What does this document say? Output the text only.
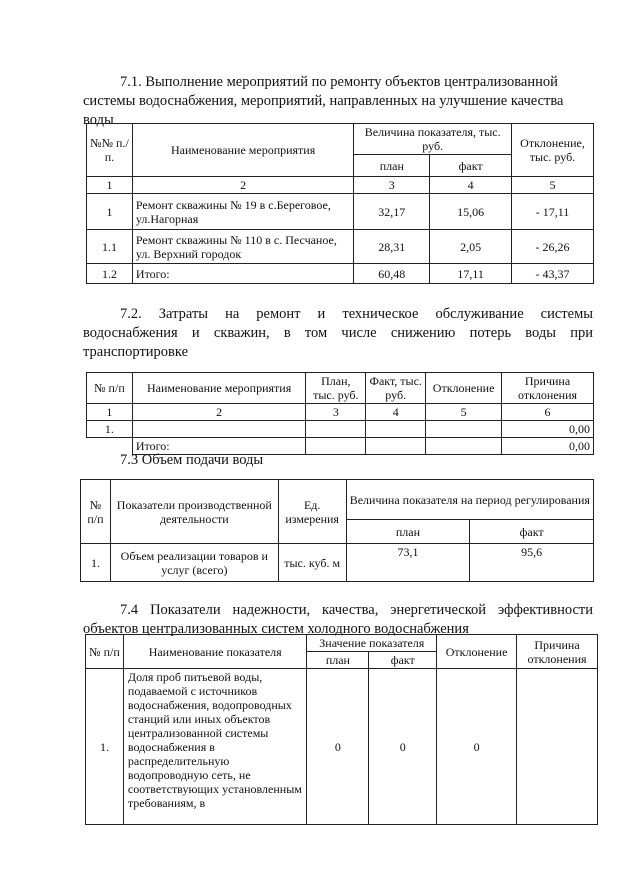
7.1. Выполнение мероприятий по ремонту объектов централизованной системы водоснабжения, мероприятий, направленных на улучшение качества воды
№№ п./п.	Наименование мероприятия	Величина показателя, тыс. руб.		Отклонение, тыс. руб.
		план	факт	
1	2	3	4	5
1	Ремонт скважины № 19 в с.Береговое, ул.Нагорная	32,17	15,06	- 17,11
1.1	Ремонт скважины № 110 в с. Песчаное, ул. Верхний городок	28,31	2,05	- 26,26
1.2	Итого:	60,48	17,11	- 43,37
7.2. Затраты на ремонт и техническое обслуживание системы водоснабжения и скважин, в том числе снижению потерь воды при транспортировке
№ п/п	Наименование мероприятия	План, тыс. руб.	Факт, тыс. руб.	Отклонение	Причина отклонения
1	2	3	4	5	6
1.					0,00
	Итого:				0,00
7.3 Объем подачи воды
№ п/п	Показатели производственной деятельности	Ед. измерения	Величина показателя на период регулирования	
			план	факт
1.	Объем реализации товаров и услуг (всего)	тыс. куб. м	73,1	95,6
7.4 Показатели надежности, качества, энергетической эффективности объектов централизованных систем холодного водоснабжения
№ п/п	Наименование показателя	Значение показателя		Отклонение	Причина отклонения
		план	факт		
1.	Доля проб питьевой воды, подаваемой с источников водоснабжения, водопроводных станций или иных объектов централизованной системы водоснабжения в распределительную водопроводную сеть, не соответствующих установленным требованиям, в	0	0	0	
